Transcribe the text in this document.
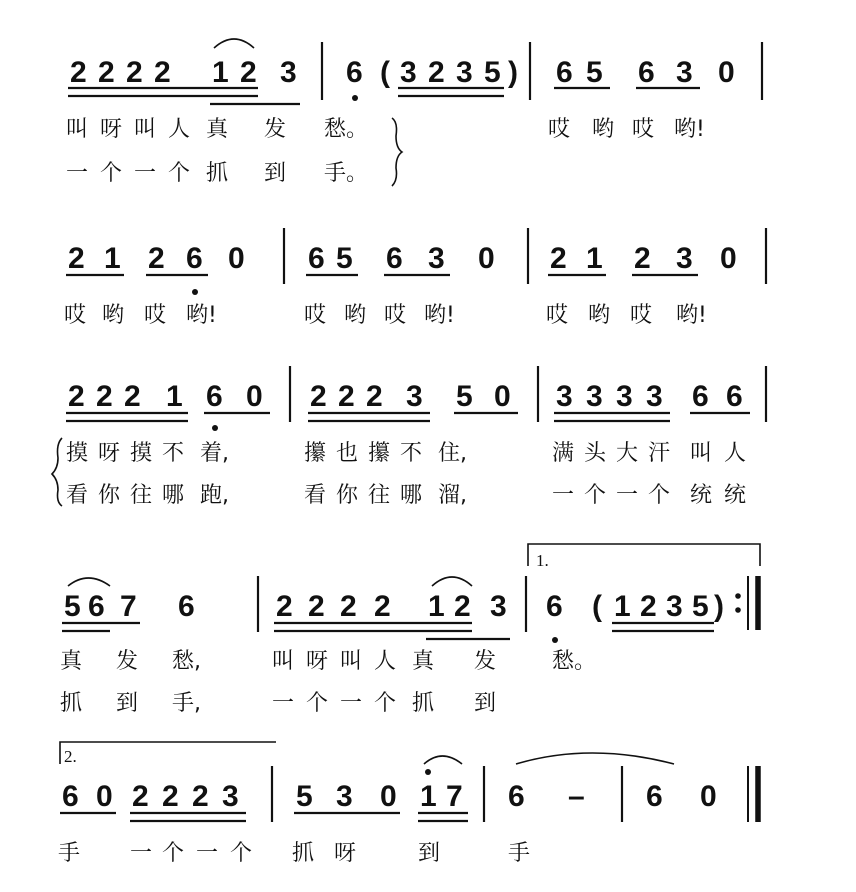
2 2 2 2 1 2 3 6 ( 3 2 3 5 ) 6 5 6 3 0
叫 呀 叫 人 真 发 愁。	哎 哟 哎 哟!
一 个 一 个 抓 到 手。
2 1 2 6 0 6 5 6 3 0 2 1 2 3 0
哎 哟 哎 哟!	哎 哟 哎 哟!	哎 哟 哎 哟!
2 2 2 1 6 0 2 2 2 3 5 0 3 3 3 3 6 6
摸 呀 摸 不 着,	攥 也 攥 不 住,	满 头 大 汗 叫 人
看 你 往 哪 跑,	看 你 往 哪 溜,	一 个 一 个 统 统
5 6 7 6	2 2 2 2 1 2 3
1.
6 ( 1 2 3 5 )
真 发 愁,	叫 呀 叫 人 真 发	愁。
抓 到 手,	一 个 一 个 抓 到
2.
6 0 2 2 2 3 5 3 0 1 7 6 – 6 0
手 一 个 一 个 抓 呀	到	手
